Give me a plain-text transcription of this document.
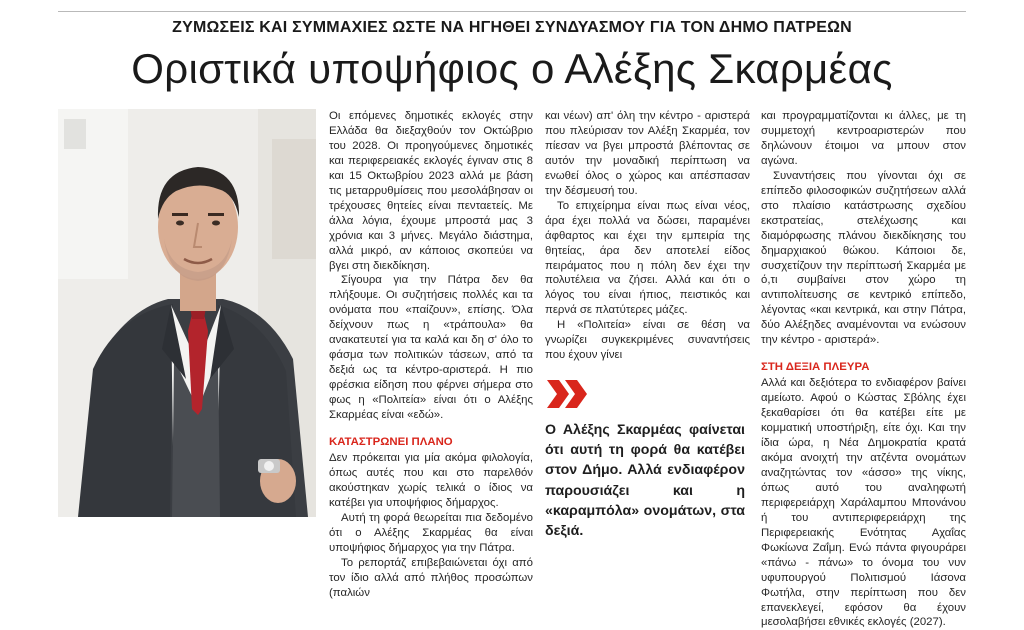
ΖΥΜΩΣΕΙΣ ΚΑΙ ΣΥΜΜΑΧΙΕΣ ΩΣΤΕ ΝΑ ΗΓΗΘΕΙ ΣΥΝΔΥΑΣΜΟΥ ΓΙΑ ΤΟΝ ΔΗΜΟ ΠΑΤΡΕΩΝ
Οριστικά υποψήφιος ο Αλέξης Σκαρμέας

Οι επόμενες δημοτικές εκλογές στην Ελλάδα θα διεξαχθούν τον Οκτώβριο του 2028. Οι προηγούμενες δημοτικές και περιφερειακές εκλογές έγιναν στις 8 και 15 Οκτωβρίου 2023 αλλά με βάση τις μεταρρυθμίσεις που μεσολάβησαν οι τρέχουσες θητείες είναι πενταετείς. Με άλλα λόγια, έχουμε μπροστά μας 3 χρόνια και 3 μήνες. Μεγάλο διάστημα, αλλά μικρό, αν κάποιος σκοπεύει να βγει στη διεκδίκηση.

Σίγουρα για την Πάτρα δεν θα πλήξουμε. Οι συζητήσεις πολλές και τα ονόματα που «παίζουν», επίσης. Όλα δείχνουν πως η «τράπουλα» θα ανακατευτεί για τα καλά και δη σ' όλο το φάσμα των πολιτικών τάσεων, από τα δεξιά ως τα κέντρο-αριστερά. Η πιο φρέσκια είδηση που φέρνει σήμερα στο φως η «Πολιτεία» είναι ότι ο Αλέξης Σκαρμέας είναι «εδώ».

ΚΑΤΑΣΤΡΩΝΕΙ ΠΛΑΝΟ

Δεν πρόκειται για μία ακόμα φιλολογία, όπως αυτές που και στο παρελθόν ακούστηκαν χωρίς τελικά ο ίδιος να κατέβει για υποψήφιος δήμαρχος.

Αυτή τη φορά θεωρείται πια δεδομένο ότι ο Αλέξης Σκαρμέας θα είναι υποψήφιος δήμαρχος για την Πάτρα.

Το ρεπορτάζ επιβεβαιώνεται όχι από τον ίδιο αλλά από πλήθος προσώπων (παλιών

και νέων) απ' όλη την κέντρο - αριστερά που πλεύρισαν τον Αλέξη Σκαρμέα, τον πίεσαν να βγει μπροστά βλέποντας σε αυτόν την μοναδική περίπτωση να ενωθεί όλος ο χώρος και απέσπασαν την δέσμευσή του.

Το επιχείρημα είναι πως είναι νέος, άρα έχει πολλά να δώσει, παραμένει άφθαρτος και έχει την εμπειρία της θητείας, άρα δεν αποτελεί είδος πειράματος που η πόλη δεν έχει την πολυτέλεια να ζήσει. Αλλά και ότι ο λόγος του είναι ήπιος, πειστικός και περνά σε πλατύτερες μάζες.

Η «Πολιτεία» είναι σε θέση να γνωρίζει συγκεκριμένες συναντήσεις που έχουν γίνει

Ο Αλέξης Σκαρμέας φαίνεται ότι αυτή τη φορά θα κατέβει στον Δήμο. Αλλά ενδιαφέρον παρουσιάζει και η «καραμπόλα» ονομάτων, στα δεξιά.

και προγραμματίζονται κι άλλες, με τη συμμετοχή κεντροαριστερών που δηλώνουν έτοιμοι να μπουν στον αγώνα.

Συναντήσεις που γίνονται όχι σε επίπεδο φιλοσοφικών συζητήσεων αλλά στο πλαίσιο κατάστρωσης σχεδίου εκστρατείας, στελέχωσης και διαμόρφωσης πλάνου διεκδίκησης του δημαρχιακού θώκου. Κάποιοι δε, συσχετίζουν την περίπτωσή Σκαρμέα με ό,τι συμβαίνει στον χώρο τη αντιπολίτευσης σε κεντρικό επίπεδο, λέγοντας «και κεντρικά, και στην Πάτρα, δύο Αλέξηδες αναμένονται να ενώσουν την κέντρο - αριστερά».

ΣΤΗ ΔΕΞΙΑ ΠΛΕΥΡΑ

Αλλά και δεξιότερα το ενδιαφέρον βαίνει αμείωτο. Αφού ο Κώστας Σβόλης έχει ξεκαθαρίσει ότι θα κατέβει είτε με κομματική υποστήριξη, είτε όχι. Και την ίδια ώρα, η Νέα Δημοκρατία κρατά ακόμα ανοιχτή την ατζέντα ονομάτων αναζητώντας τον «άσσο» της νίκης, όπως αυτό του αναληφωτή περιφερειάρχη Χαράλαμπου Μπονάνου ή του αντιπεριφερειάρχη της Περιφερειακής Ενότητας Αχαΐας Φωκίωνα Ζαΐμη. Ενώ πάντα φιγουράρει «πάνω - πάνω» το όνομα του νυν υφυπουργού Πολιτισμού Ιάσονα Φωτήλα, στην περίπτωση που δεν επανεκλεγεί, εφόσον θα έχουν μεσολαβήσει εθνικές εκλογές (2027).
